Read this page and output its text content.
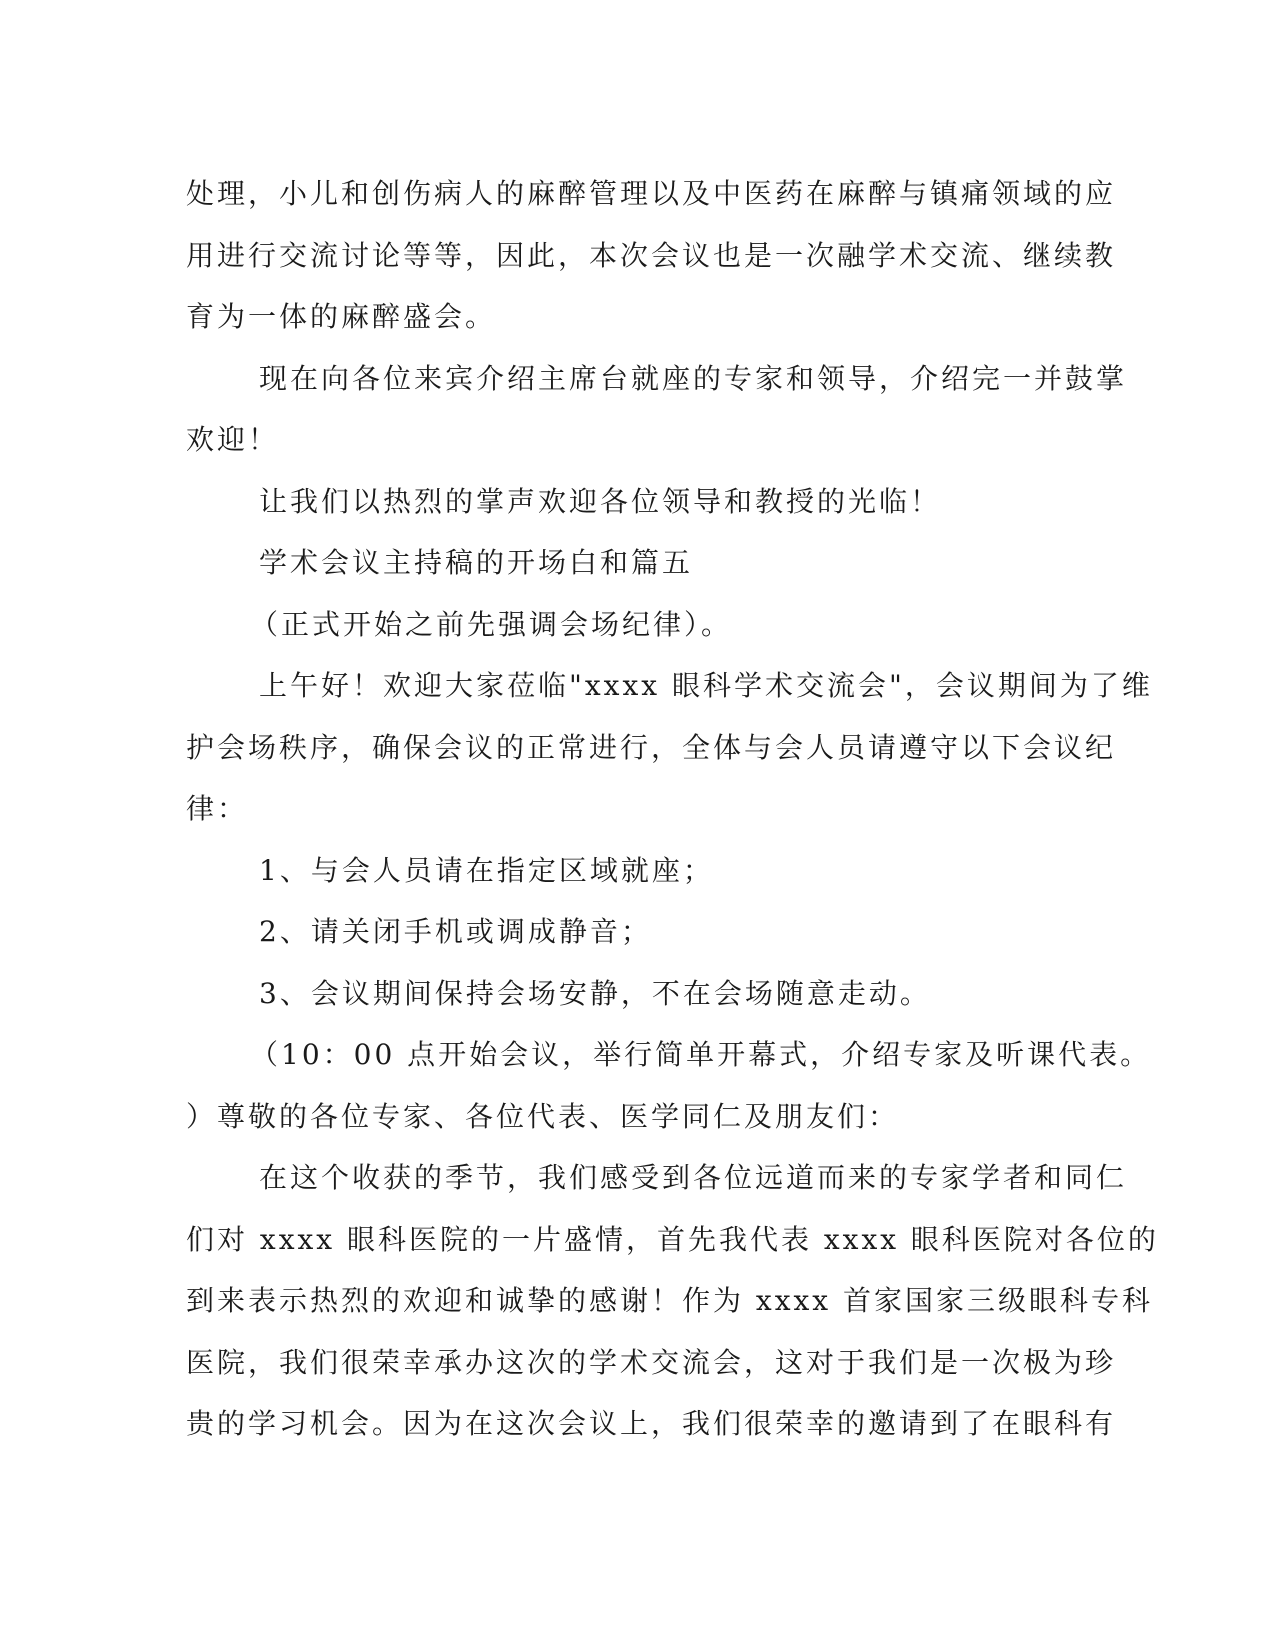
处理，小儿和创伤病人的麻醉管理以及中医药在麻醉与镇痛领域的应
用进行交流讨论等等，因此，本次会议也是一次融学术交流、继续教
育为一体的麻醉盛会。
现在向各位来宾介绍主席台就座的专家和领导，介绍完一并鼓掌
欢迎！
让我们以热烈的掌声欢迎各位领导和教授的光临！
学术会议主持稿的开场白和篇五
（正式开始之前先强调会场纪律）。
上午好！欢迎大家莅临"xxxx 眼科学术交流会"，会议期间为了维
护会场秩序，确保会议的正常进行，全体与会人员请遵守以下会议纪
律：
1、与会人员请在指定区域就座；
2、请关闭手机或调成静音；
3、会议期间保持会场安静，不在会场随意走动。
（10：00 点开始会议，举行简单开幕式，介绍专家及听课代表。
）尊敬的各位专家、各位代表、医学同仁及朋友们：
在这个收获的季节，我们感受到各位远道而来的专家学者和同仁
们对 xxxx 眼科医院的一片盛情，首先我代表 xxxx 眼科医院对各位的
到来表示热烈的欢迎和诚挚的感谢！作为 xxxx 首家国家三级眼科专科
医院，我们很荣幸承办这次的学术交流会，这对于我们是一次极为珍
贵的学习机会。因为在这次会议上，我们很荣幸的邀请到了在眼科有
